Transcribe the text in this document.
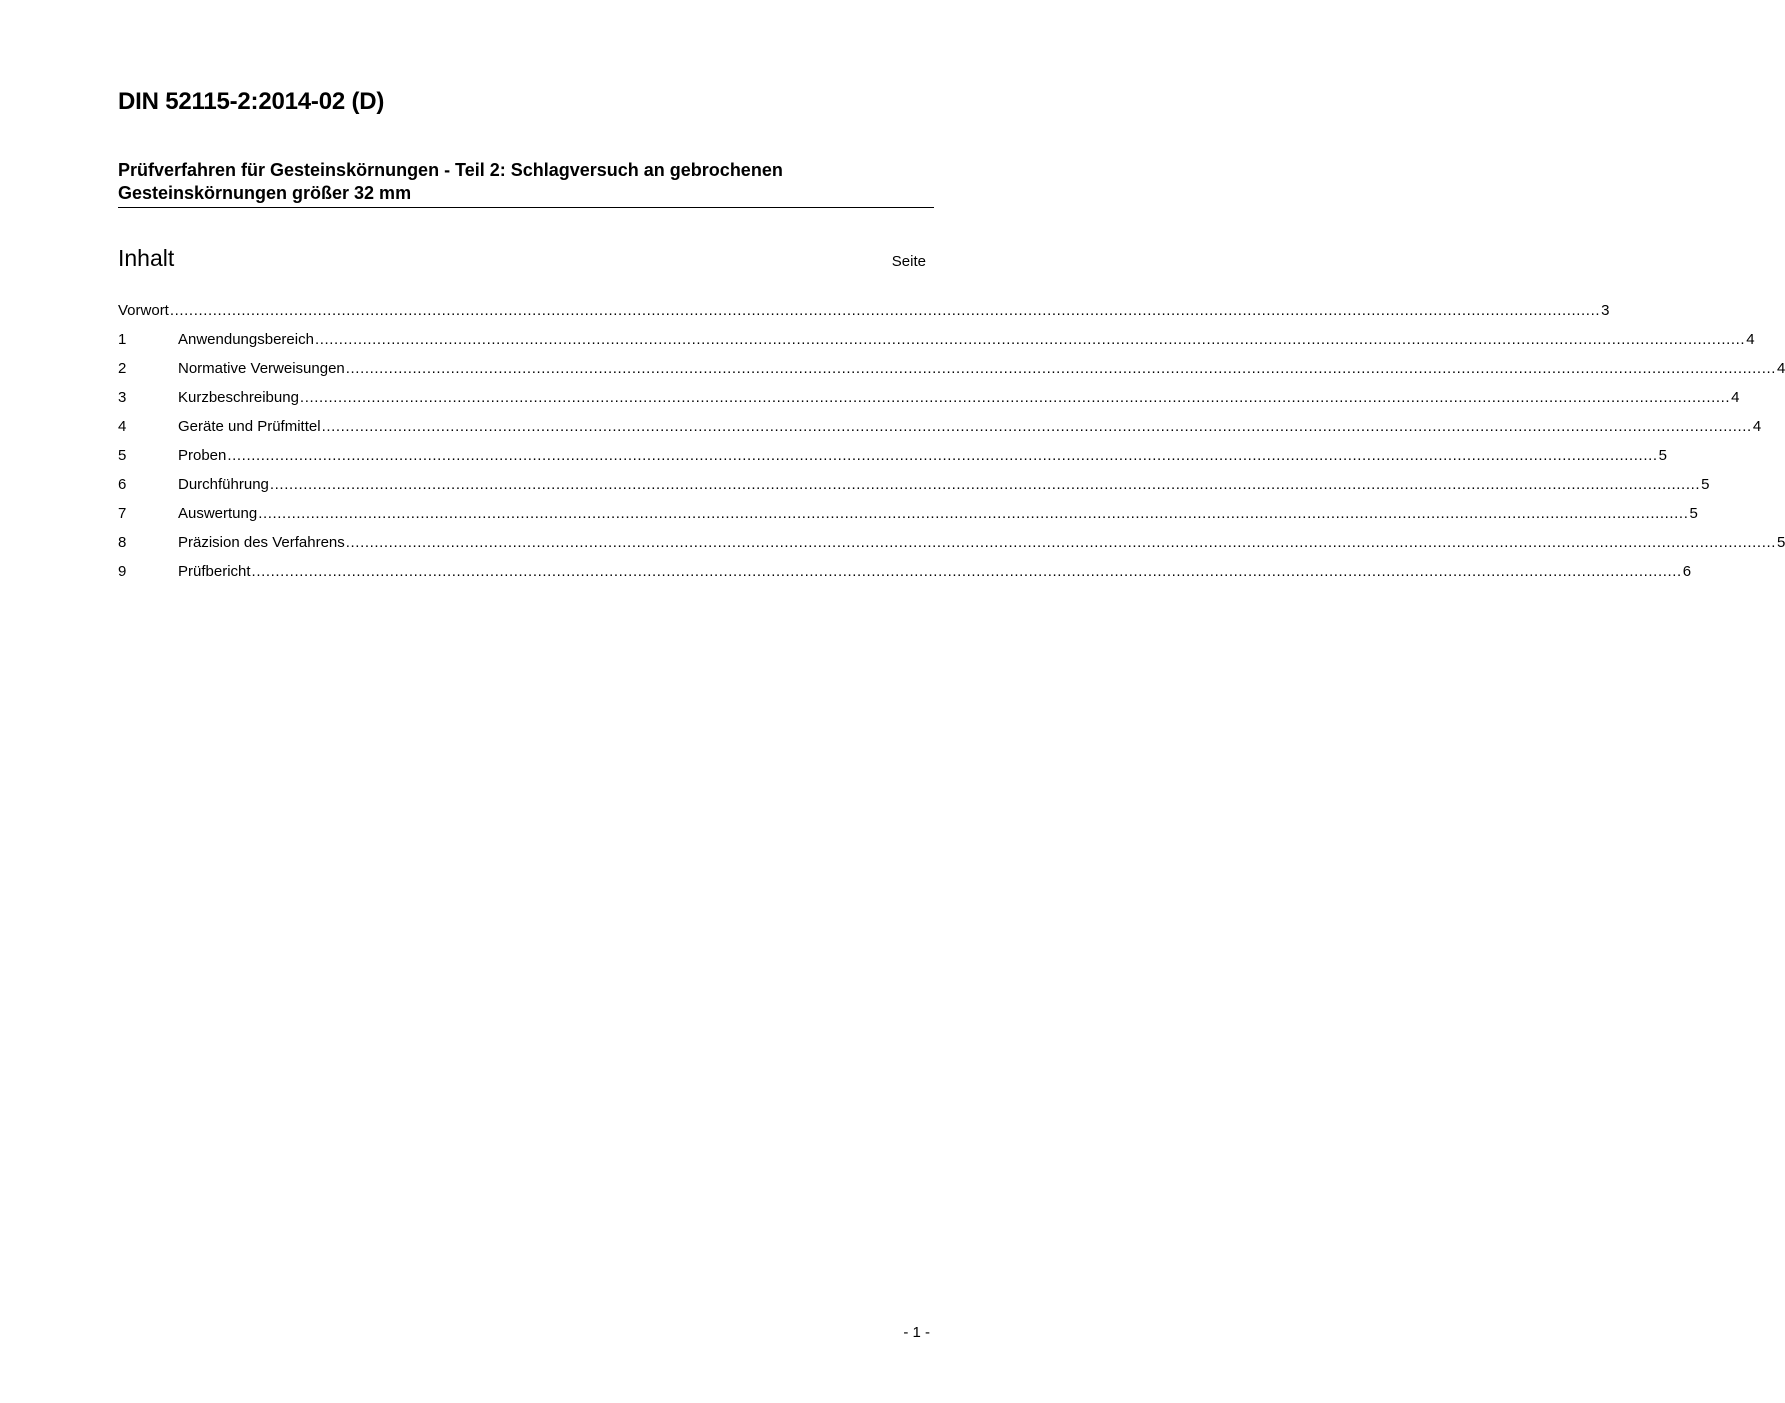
DIN 52115-2:2014-02 (D)
Prüfverfahren für Gesteinskörnungen - Teil 2: Schlagversuch an gebrochenen
Gesteinskörnungen größer 32 mm
Inhalt	Seite
Vorwort ............................................................................................................................................................................................................................................................................................................ 3
1	Anwendungsbereich ............................................................................................................................................................................................................................................................................................................ 4
2	Normative Verweisungen ............................................................................................................................................................................................................................................................................................................ 4
3	Kurzbeschreibung ............................................................................................................................................................................................................................................................................................................ 4
4	Geräte und Prüfmittel ............................................................................................................................................................................................................................................................................................................ 4
5	Proben ............................................................................................................................................................................................................................................................................................................ 5
6	Durchführung ............................................................................................................................................................................................................................................................................................................ 5
7	Auswertung ............................................................................................................................................................................................................................................................................................................ 5
8	Präzision des Verfahrens ............................................................................................................................................................................................................................................................................................................ 5
9	Prüfbericht ............................................................................................................................................................................................................................................................................................................ 6
- 1 -
